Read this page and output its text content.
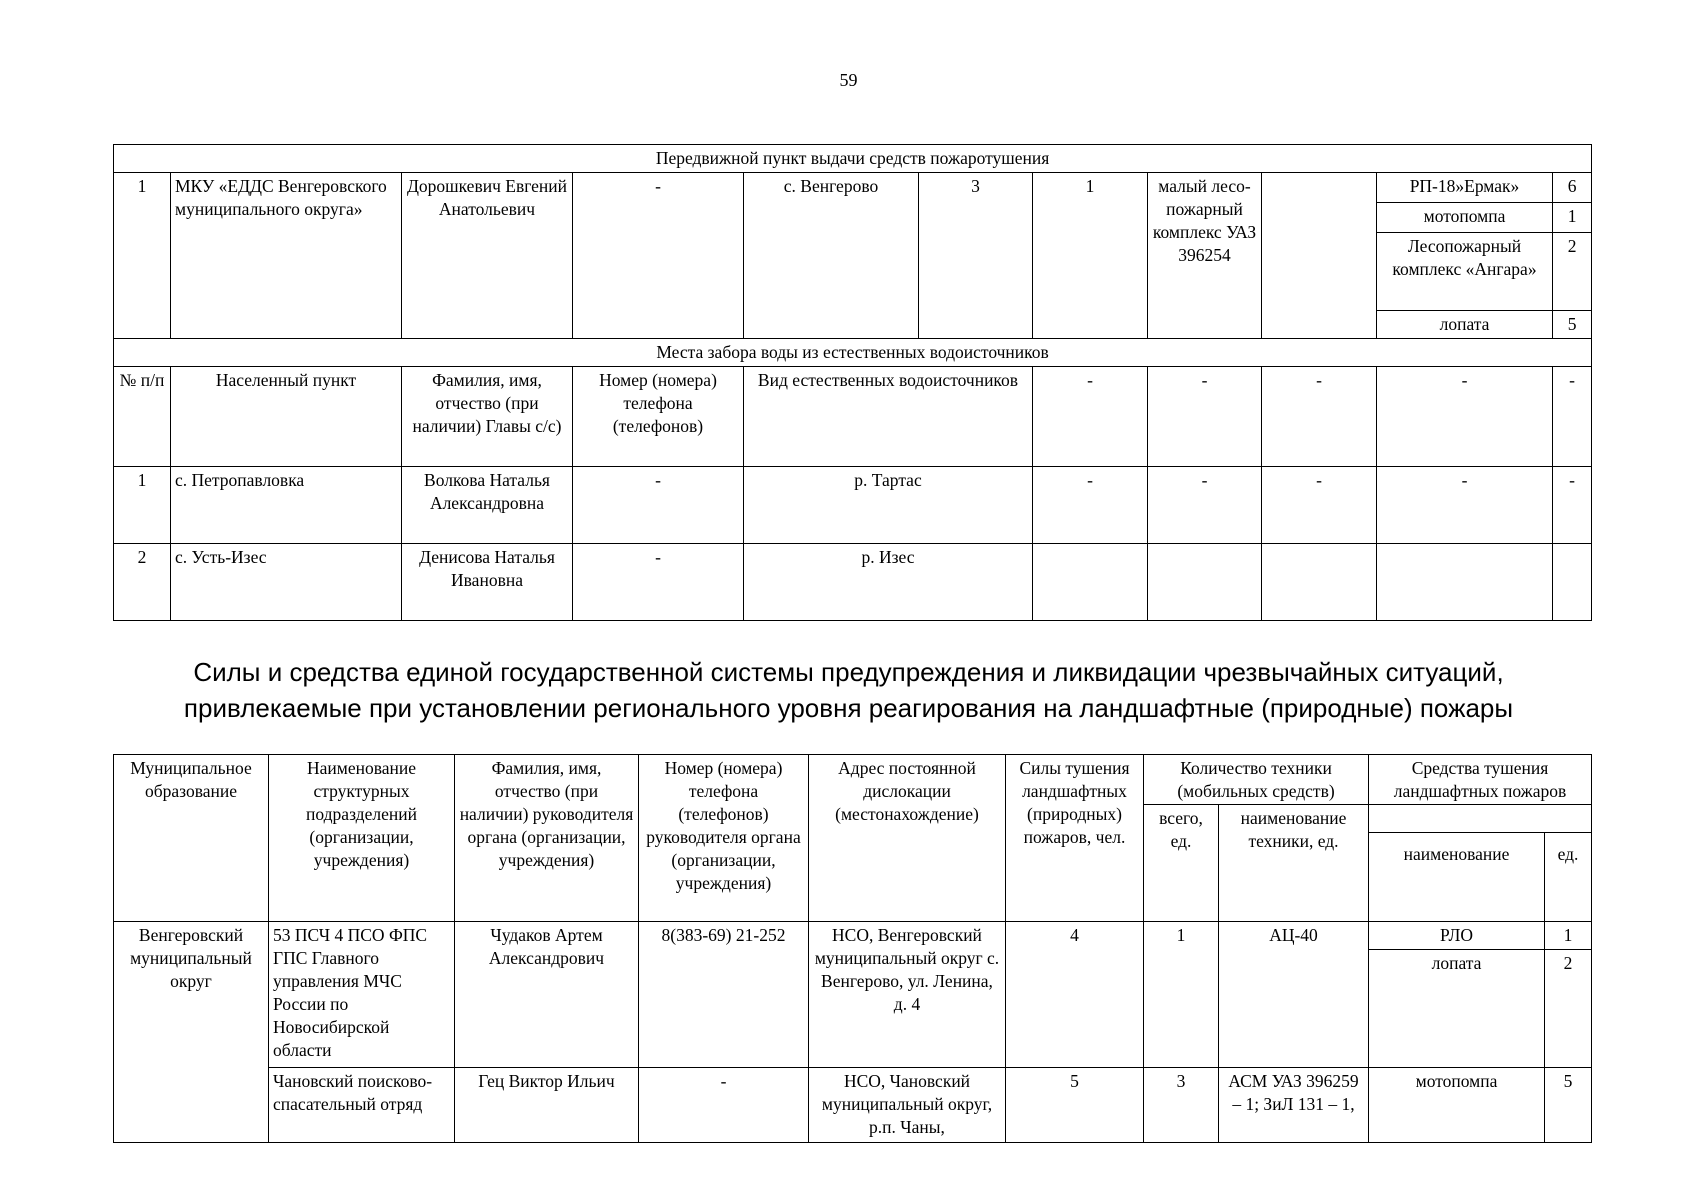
59
Передвижной пункт выдачи средств пожаротушения										
1	МКУ «ЕДДС Венгеровского муниципального округа»	Дорошкевич Евгений Анатольевич	-	с. Венгерово	3	1	малый лесо-пожарный комплекс УАЗ 396254		РП-18»Ермак»	6
									мотопомпа	1
									Лесопожарный комплекс «Ангара»	2
									лопата	5
Места забора воды из естественных водоисточников										
№ п/п	Населенный пункт	Фамилия, имя, отчество (при наличии) Главы с/с)	Номер (номера) телефона (телефонов)	Вид естественных водоисточников		-	-	-	-	-
1	с. Петропавловка	Волкова Наталья Александровна	-	р. Тартас		-	-	-	-	-
2	с. Усть-Изес	Денисова Наталья Ивановна	-	р. Изес						
Силы и средства единой государственной системы предупреждения и ликвидации чрезвычайных ситуаций,
привлекаемые при установлении регионального уровня реагирования на ландшафтные (природные) пожары
Муниципальное образование	Наименование структурных подразделений (организации, учреждения)	Фамилия, имя, отчество (при наличии) руководителя органа (организации, учреждения)	Номер (номера) телефона (телефонов) руководителя органа (организации, учреждения)	Адрес постоянной дислокации (местонахождение)	Силы тушения ландшафтных (природных) пожаров, чел.	Количество техники (мобильных средств)		Средства тушения ландшафтных пожаров	
						всего, ед.	наименование техники, ед.		
								наименование	ед.
Венгеровский муниципальный округ	53 ПСЧ 4 ПСО ФПС ГПС Главного управления МЧС России по Новосибирской области	Чудаков Артем Александрович	8(383-69) 21-252	НСО, Венгеровский муниципальный округ с. Венгерово, ул. Ленина, д. 4	4	1	АЦ-40	РЛО	1
								лопата	2
	Чановский поисково-спасательный отряд	Гец Виктор Ильич	-	НСО, Чановский муниципальный округ, р.п. Чаны,	5	3	АСМ УАЗ 396259 – 1; ЗиЛ 131 – 1,	мотопомпа	5
